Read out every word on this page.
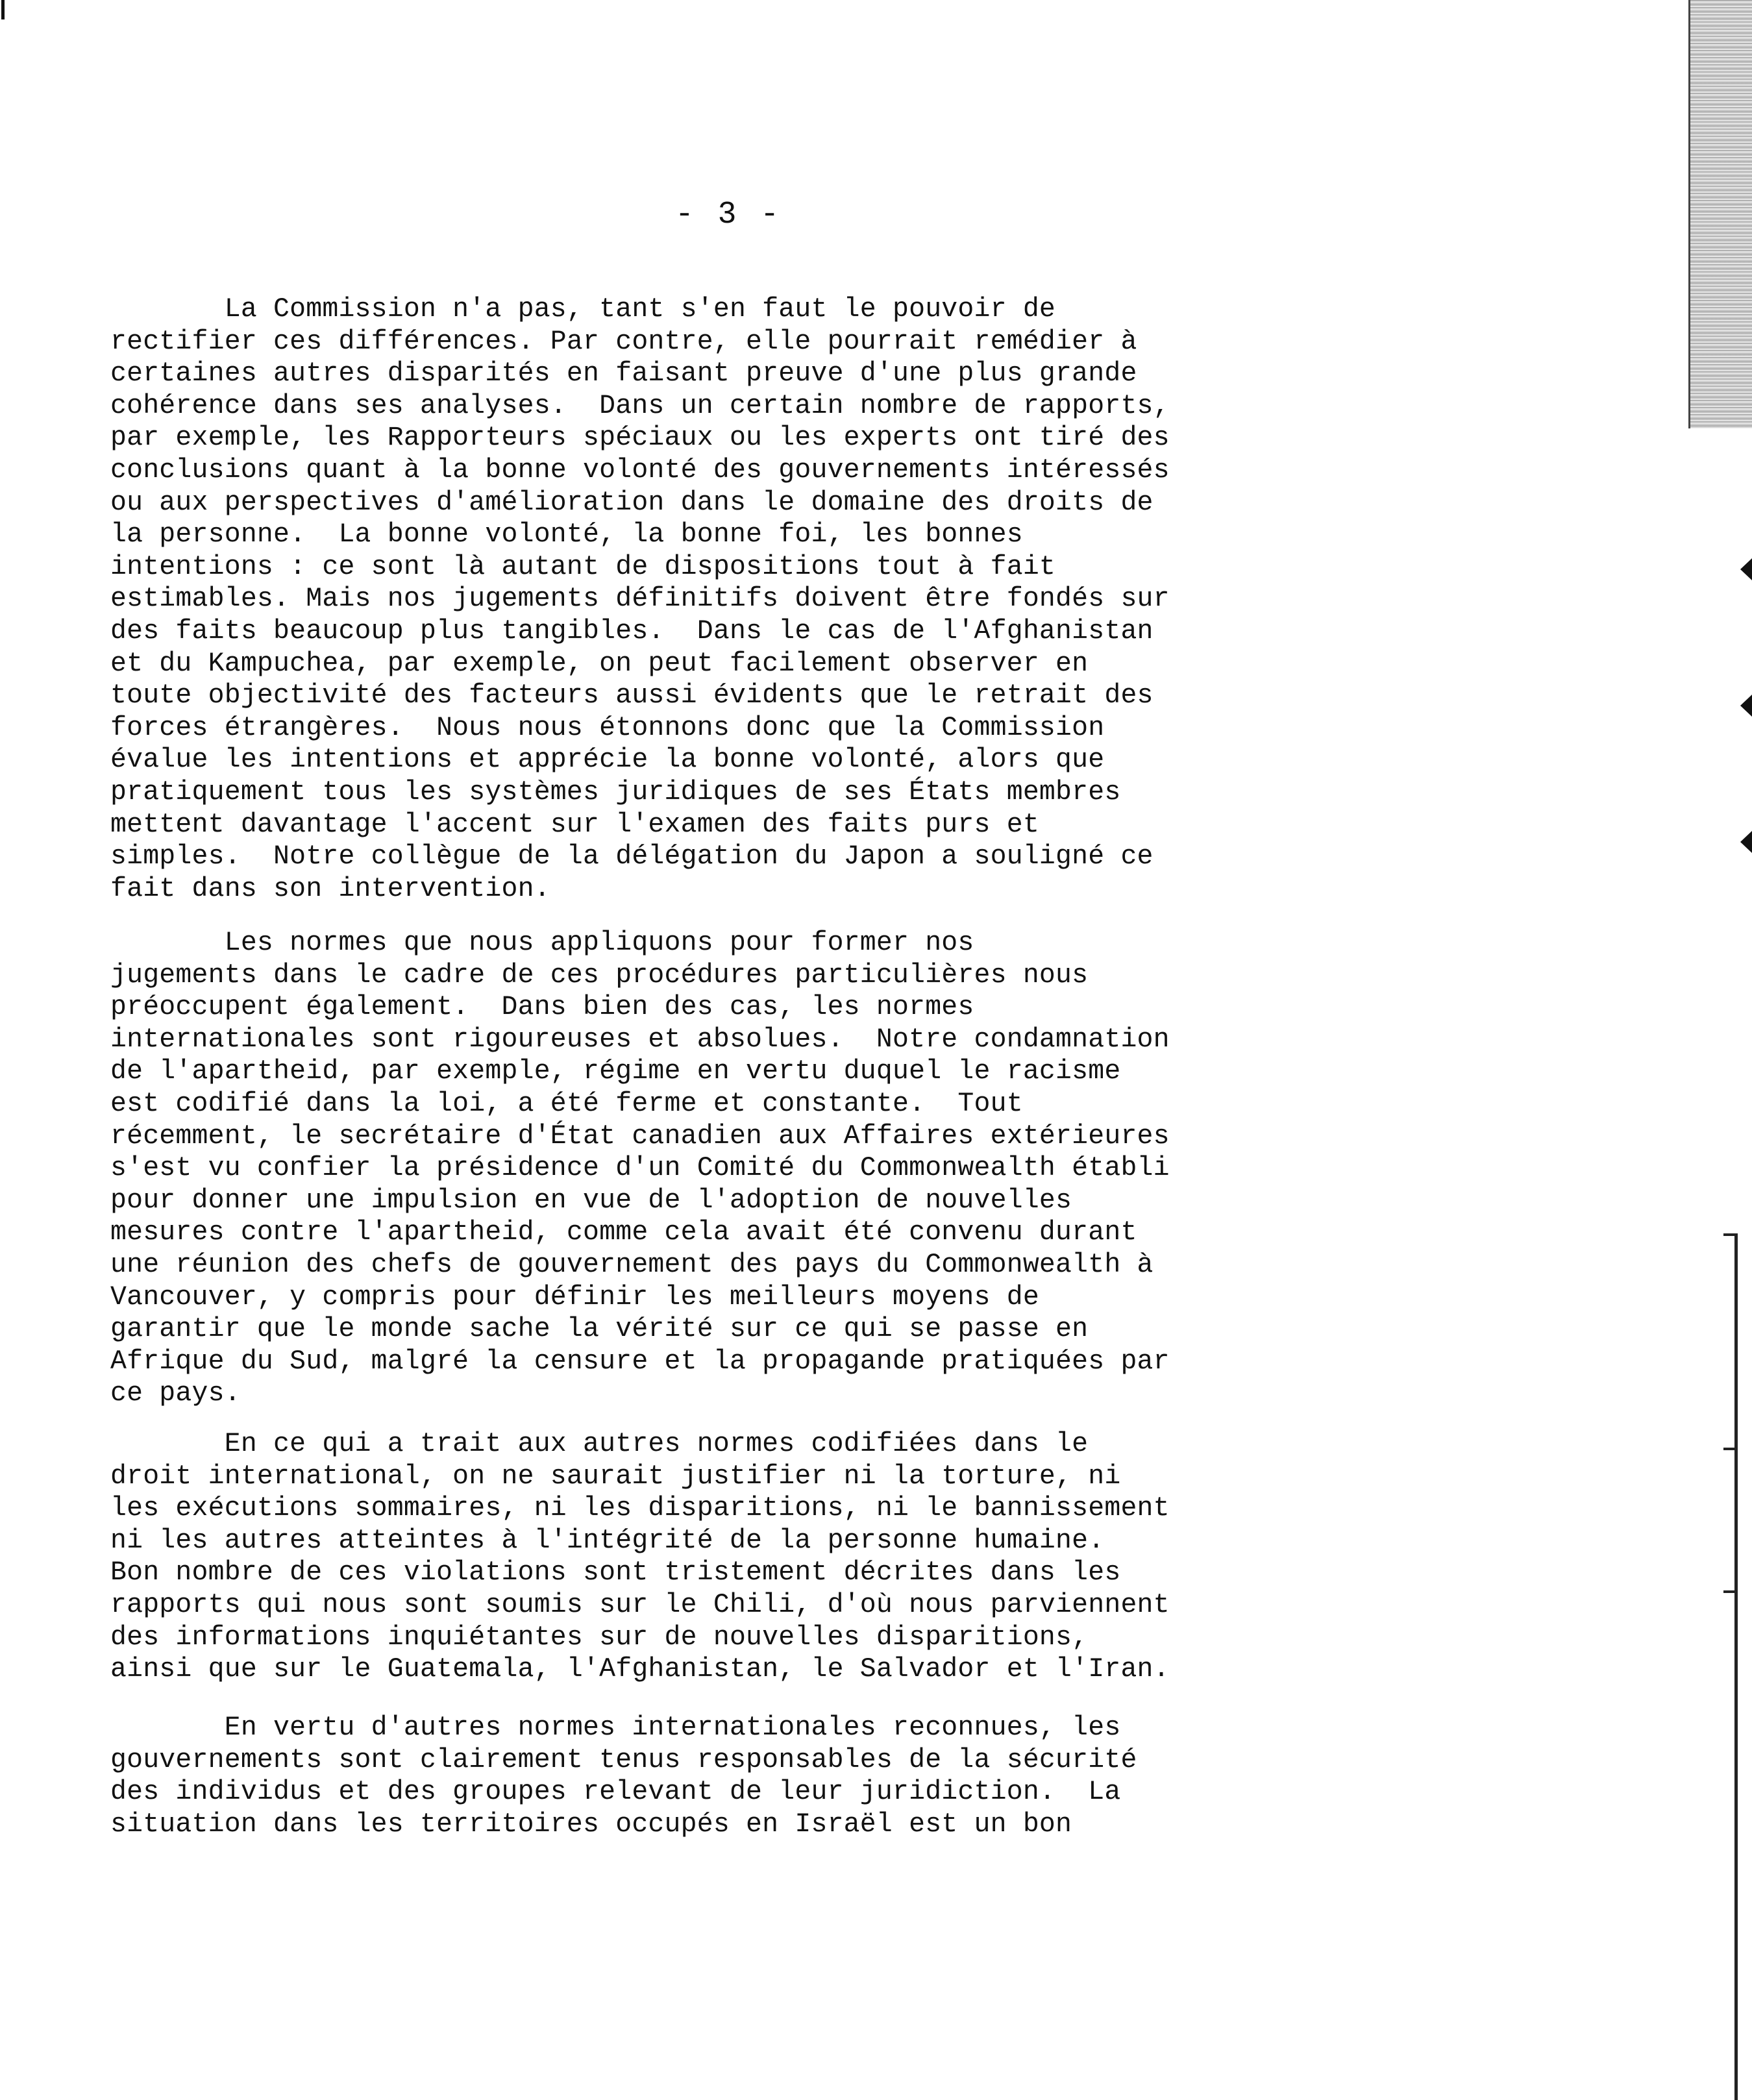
- 3 -
La Commission n'a pas, tant s'en faut le pouvoir de
rectifier ces différences. Par contre, elle pourrait remédier à
certaines autres disparités en faisant preuve d'une plus grande
cohérence dans ses analyses.  Dans un certain nombre de rapports,
par exemple, les Rapporteurs spéciaux ou les experts ont tiré des
conclusions quant à la bonne volonté des gouvernements intéressés
ou aux perspectives d'amélioration dans le domaine des droits de
la personne.  La bonne volonté, la bonne foi, les bonnes
intentions : ce sont là autant de dispositions tout à fait
estimables. Mais nos jugements définitifs doivent être fondés sur
des faits beaucoup plus tangibles.  Dans le cas de l'Afghanistan
et du Kampuchea, par exemple, on peut facilement observer en
toute objectivité des facteurs aussi évidents que le retrait des
forces étrangères.  Nous nous étonnons donc que la Commission
évalue les intentions et apprécie la bonne volonté, alors que
pratiquement tous les systèmes juridiques de ses États membres
mettent davantage l'accent sur l'examen des faits purs et
simples.  Notre collègue de la délégation du Japon a souligné ce
fait dans son intervention.
Les normes que nous appliquons pour former nos
jugements dans le cadre de ces procédures particulières nous
préoccupent également.  Dans bien des cas, les normes
internationales sont rigoureuses et absolues.  Notre condamnation
de l'apartheid, par exemple, régime en vertu duquel le racisme
est codifié dans la loi, a été ferme et constante.  Tout
récemment, le secrétaire d'État canadien aux Affaires extérieures
s'est vu confier la présidence d'un Comité du Commonwealth établi
pour donner une impulsion en vue de l'adoption de nouvelles
mesures contre l'apartheid, comme cela avait été convenu durant
une réunion des chefs de gouvernement des pays du Commonwealth à
Vancouver, y compris pour définir les meilleurs moyens de
garantir que le monde sache la vérité sur ce qui se passe en
Afrique du Sud, malgré la censure et la propagande pratiquées par
ce pays.
En ce qui a trait aux autres normes codifiées dans le
droit international, on ne saurait justifier ni la torture, ni
les exécutions sommaires, ni les disparitions, ni le bannissement
ni les autres atteintes à l'intégrité de la personne humaine.
Bon nombre de ces violations sont tristement décrites dans les
rapports qui nous sont soumis sur le Chili, d'où nous parviennent
des informations inquiétantes sur de nouvelles disparitions,
ainsi que sur le Guatemala, l'Afghanistan, le Salvador et l'Iran.
En vertu d'autres normes internationales reconnues, les
gouvernements sont clairement tenus responsables de la sécurité
des individus et des groupes relevant de leur juridiction.  La
situation dans les territoires occupés en Israël est un bon
